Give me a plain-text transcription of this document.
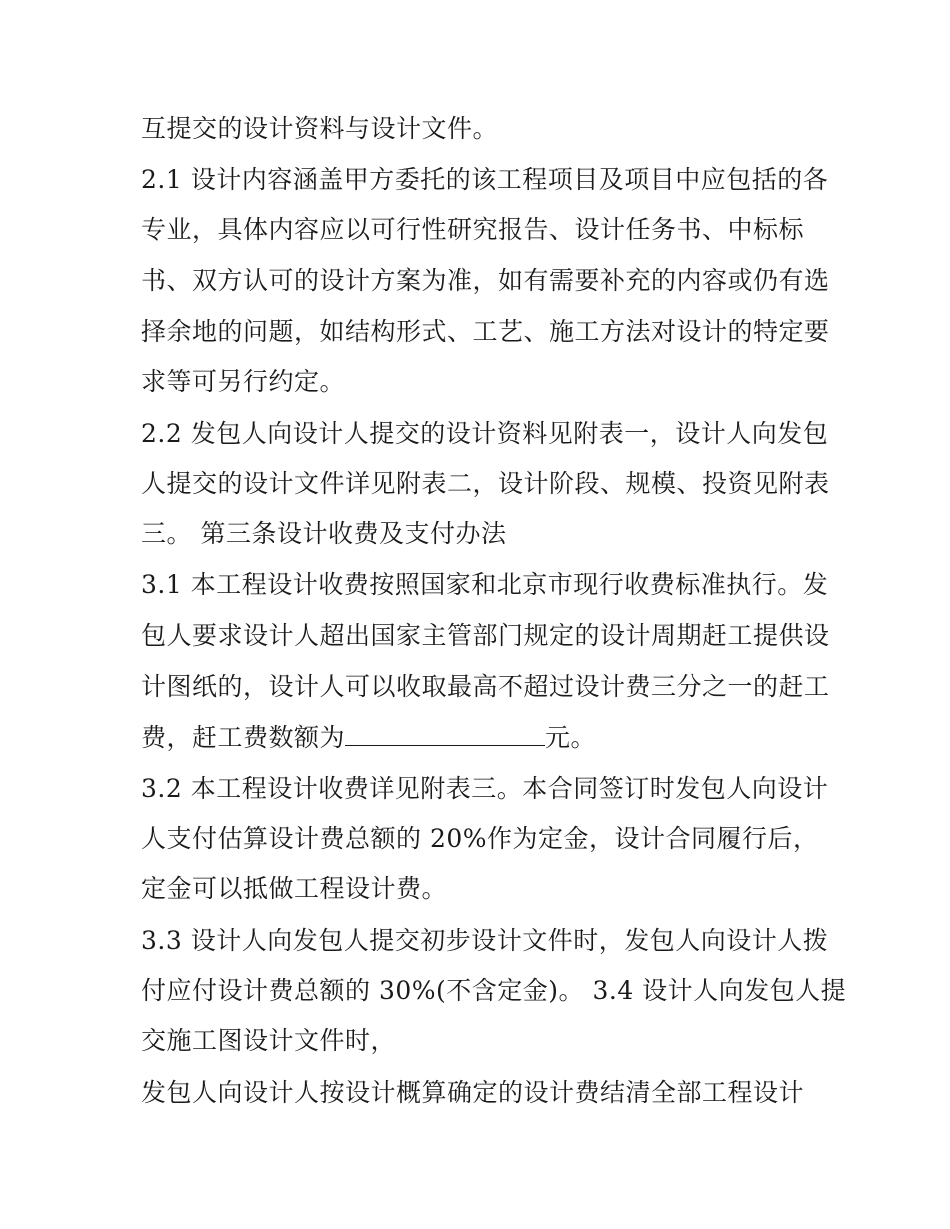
互提交的设计资料与设计文件。
2.1 设计内容涵盖甲方委托的该工程项目及项目中应包括的各
专业，具体内容应以可行性研究报告、设计任务书、中标标
书、双方认可的设计方案为准，如有需要补充的内容或仍有选
择余地的问题，如结构形式、工艺、施工方法对设计的特定要
求等可另行约定。
2.2 发包人向设计人提交的设计资料见附表一，设计人向发包
人提交的设计文件详见附表二，设计阶段、规模、投资见附表
三。 第三条设计收费及支付办法
3.1 本工程设计收费按照国家和北京市现行收费标准执行。发
包人要求设计人超出国家主管部门规定的设计周期赶工提供设
计图纸的，设计人可以收取最高不超过设计费三分之一的赶工
费，赶工费数额为	元。
3.2 本工程设计收费详见附表三。本合同签订时发包人向设计
人支付估算设计费总额的 20%作为定金，设计合同履行后，
定金可以抵做工程设计费。
3.3 设计人向发包人提交初步设计文件时，发包人向设计人拨
付应付设计费总额的 30%(不含定金)。 3.4 设计人向发包人提
交施工图设计文件时，
发包人向设计人按设计概算确定的设计费结清全部工程设计
